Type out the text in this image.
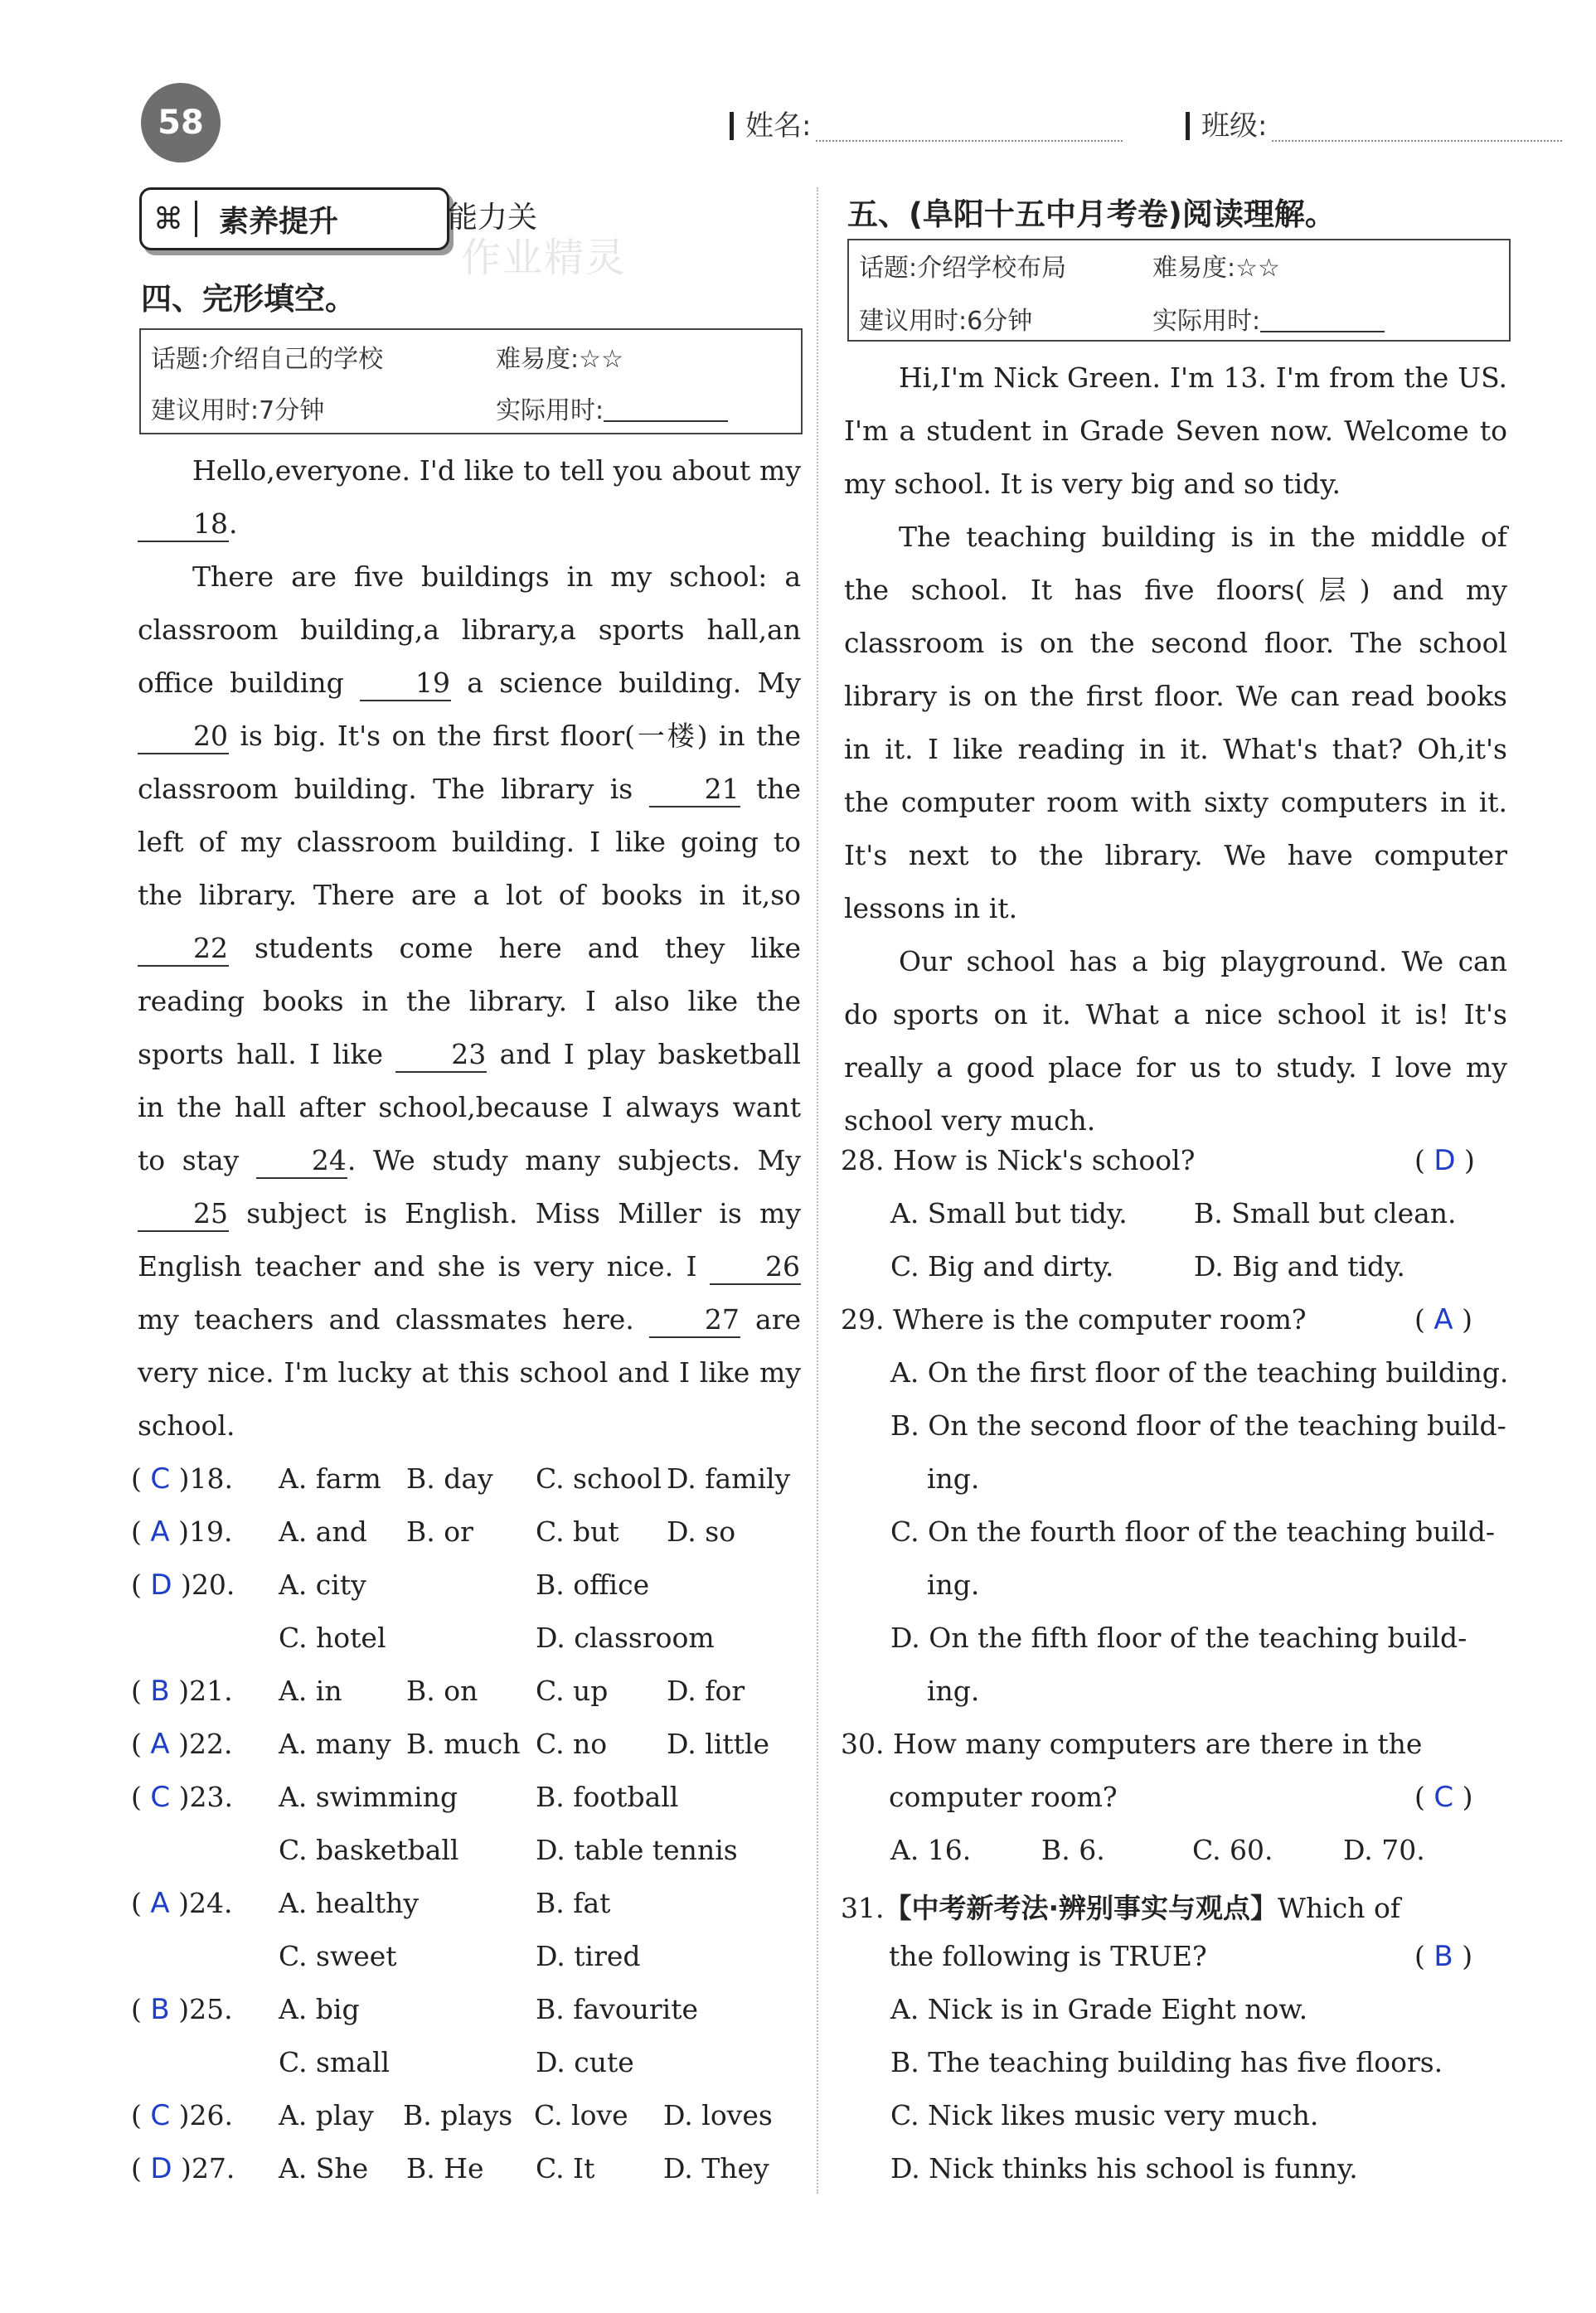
58	姓名:	班级:
⌘	素养提升	能力关
作业精灵
四、完形填空。
话题:介绍自己的学校	难易度:☆☆
建议用时:7分钟	实际用时:

Hello,everyone. I'd like to tell you about my 18.

There are five buildings in my school: a classroom building,a library,a sports hall,an office building 19 a science building. My 20 is big. It's on the first floor(一楼) in the classroom building. The library is 21 the left of my classroom building. I like going to the library. There are a lot of books in it,so 22 students come here and they like reading books in the library. I also like the sports hall. I like 23 and I play basketball in the hall after school,because I always want to stay 24. We study many subjects. My 25 subject is English. Miss Miller is my English teacher and she is very nice. I 26 my teachers and classmates here. 27 are very nice. I'm lucky at this school and I like my school.

( C )18. A. farm B. day C. school D. family
( A )19. A. and B. or C. but D. so
( D )20. A. city	B. office
C. hotel	D. classroom
( B )21. A. in B. on C. up D. for
( A )22. A. many B. much C. no D. little
( C )23. A. swimming	B. football
C. basketball	D. table tennis
( A )24. A. healthy	B. fat
C. sweet	D. tired
( B )25. A. big	B. favourite
C. small	D. cute
( C )26. A. play B. plays C. love D. loves
( D )27. A. She B. He C. It	D. They
五、(阜阳十五中月考卷)阅读理解。
话题:介绍学校布局	难易度:☆☆
建议用时:6分钟	实际用时:

Hi,I'm Nick Green. I'm 13. I'm from the US. I'm a student in Grade Seven now. Welcome to my school. It is very big and so tidy.

The teaching building is in the middle of the school. It has five floors(层) and my classroom is on the second floor. The school library is on the first floor. We can read books in it. I like reading in it. What's that? Oh,it's the computer room with sixty computers in it. It's next to the library. We have computer lessons in it.

Our school has a big playground. We can do sports on it. What a nice school it is! It's really a good place for us to study. I love my school very much.

28. How is Nick's school?	( D )
A. Small but tidy. B. Small but clean.
C. Big and dirty.	D. Big and tidy.
29. Where is the computer room?	( A )
A. On the first floor of the teaching building.
B. On the second floor of the teaching build-
ing.
C. On the fourth floor of the teaching build-
ing.
D. On the fifth floor of the teaching build-
ing.
30. How many computers are there in the
computer room?	( C )
A. 16.	B. 6.	C. 60.	D. 70.
31.【中考新考法·辨别事实与观点】Which of
the following is TRUE?	( B )
A. Nick is in Grade Eight now.
B. The teaching building has five floors.
C. Nick likes music very much.
D. Nick thinks his school is funny.
